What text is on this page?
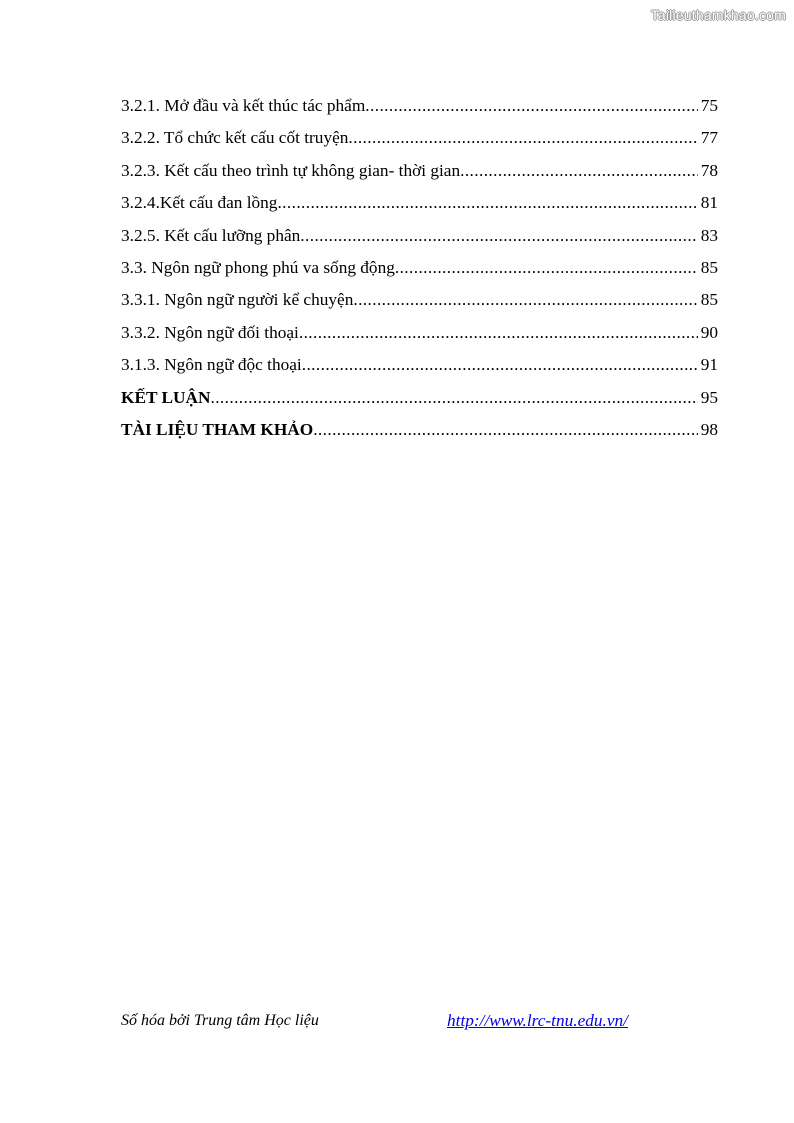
Tailieuthamkhao.com
3.2.1. Mở đầu và kết thúc tác phẩm .....	75
3.2.2. Tổ chức kết cấu cốt truyện .....	77
3.2.3. Kết cấu theo trình tự không gian- thời gian .....	78
3.2.4.Kết cấu đan lồng .....	81
3.2.5. Kết cấu lưỡng phân .....	83
3.3. Ngôn ngữ phong phú va sống động .....	85
3.3.1. Ngôn ngữ người kể chuyện .....	85
3.3.2. Ngôn ngữ đối thoại .....	90
3.1.3. Ngôn ngữ độc thoại .....	91
KẾT LUẬN .....	95
TÀI LIỆU THAM KHẢO .....	98
Số hóa bởi Trung tâm Học liệu	http://www.lrc-tnu.edu.vn/
